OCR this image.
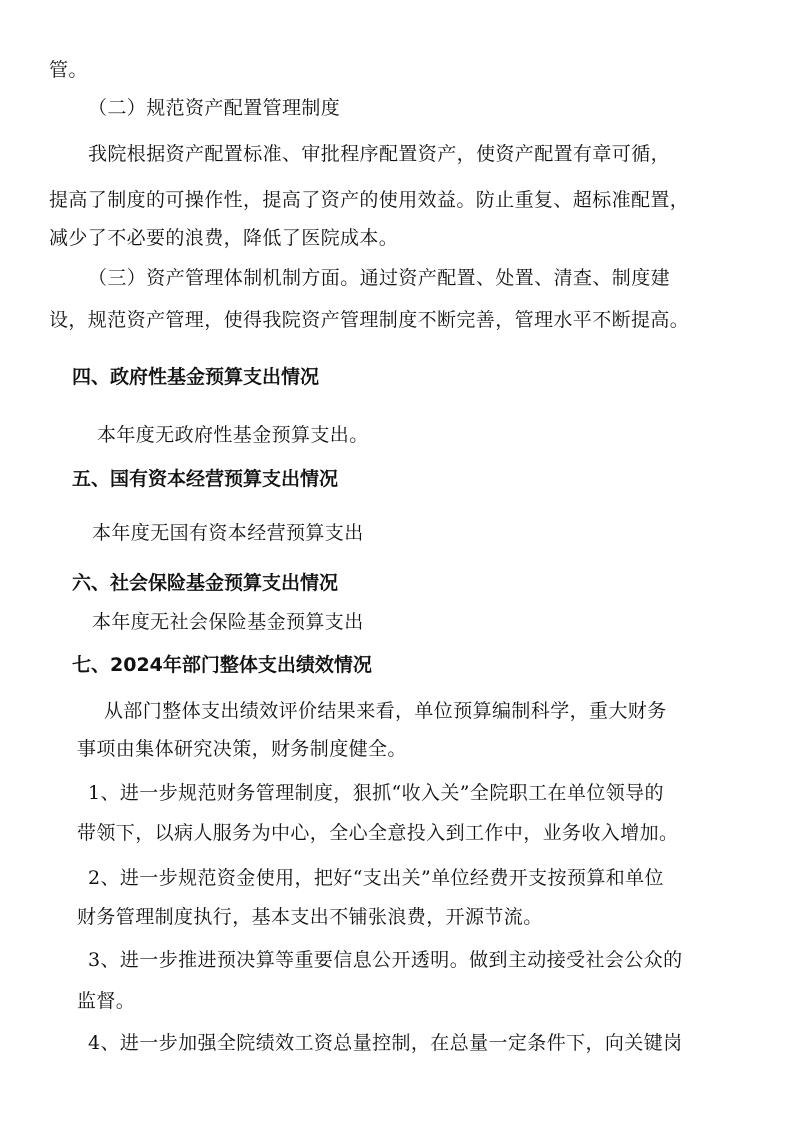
管。
（二）规范资产配置管理制度
我院根据资产配置标准、审批程序配置资产，使资产配置有章可循，
提高了制度的可操作性，提高了资产的使用效益。防止重复、超标准配置，
减少了不必要的浪费，降低了医院成本。
（三）资产管理体制机制方面。通过资产配置、处置、清查、制度建
设，规范资产管理，使得我院资产管理制度不断完善，管理水平不断提高。
四、政府性基金预算支出情况
本年度无政府性基金预算支出。
五、国有资本经营预算支出情况
本年度无国有资本经营预算支出
六、社会保险基金预算支出情况
本年度无社会保险基金预算支出
七、2024年部门整体支出绩效情况
从部门整体支出绩效评价结果来看，单位预算编制科学，重大财务
事项由集体研究决策，财务制度健全。
1、进一步规范财务管理制度，狠抓“收入关”全院职工在单位领导的
带领下，以病人服务为中心，全心全意投入到工作中，业务收入增加。
2、进一步规范资金使用，把好“支出关”单位经费开支按预算和单位
财务管理制度执行，基本支出不铺张浪费，开源节流。
3、进一步推进预决算等重要信息公开透明。做到主动接受社会公众的
监督。
4、进一步加强全院绩效工资总量控制，在总量一定条件下，向关键岗
